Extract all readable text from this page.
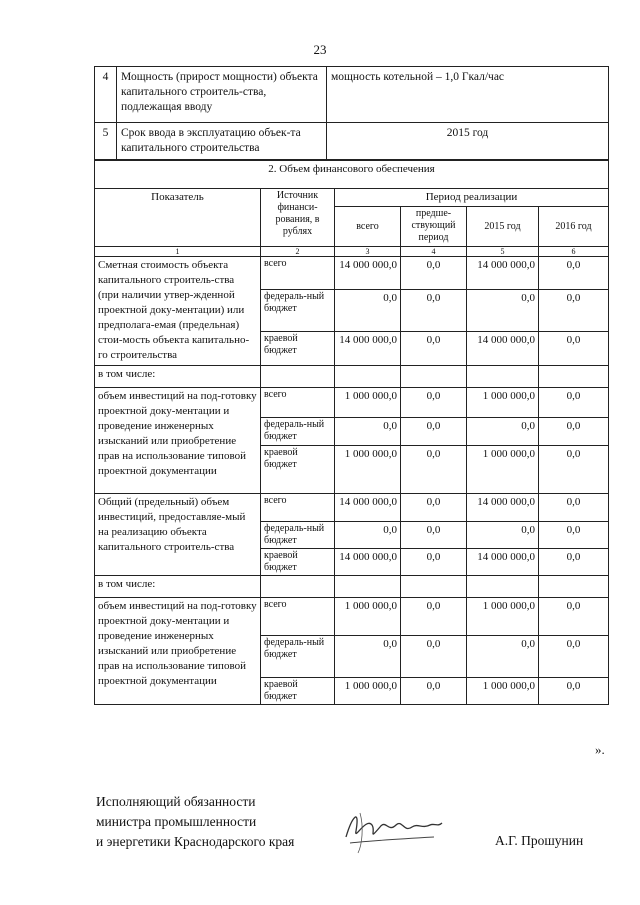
23
4	Мощность (прирост мощности) объекта капитального строитель-ства, подлежащая вводу	мощность котельной – 1,0 Гкал/час
5	Срок ввода в эксплуатацию объек-та капитального строительства	2015 год
2. Объем финансового обеспечения					
Показатель	Источник финанси-рования, в рублях	Период реализации			
		всего	предше-ствующий период	2015 год	2016 год
1	2	3	4	5	6
Сметная стоимость объекта капитального строитель-ства (при наличии утвер-жденной проектной доку-ментации) или предполага-емая (предельная) стои-мость объекта капитально-го строительства	всего	14 000 000,0	0,0	14 000 000,0	0,0
	федераль-ный бюджет	0,0	0,0	0,0	0,0
	краевой бюджет	14 000 000,0	0,0	14 000 000,0	0,0
в том числе:					
объем инвестиций на под-готовку проектной доку-ментации и проведение инженерных изысканий или приобретение прав на использование типовой проектной документации	всего	1 000 000,0	0,0	1 000 000,0	0,0
	федераль-ный бюджет	0,0	0,0	0,0	0,0
	краевой бюджет	1 000 000,0	0,0	1 000 000,0	0,0
Общий (предельный) объем инвестиций, предоставляе-мый на реализацию объекта капитального строитель-ства	всего	14 000 000,0	0,0	14 000 000,0	0,0
	федераль-ный бюджет	0,0	0,0	0,0	0,0
	краевой бюджет	14 000 000,0	0,0	14 000 000,0	0,0
в том числе:					
объем инвестиций на под-готовку проектной доку-ментации и проведение инженерных изысканий или приобретение прав на использование типовой проектной документации	всего	1 000 000,0	0,0	1 000 000,0	0,0
	федераль-ный бюджет	0,0	0,0	0,0	0,0
	краевой бюджет	1 000 000,0	0,0	1 000 000,0	0,0
».
Исполняющий обязанности
министра промышленности
и энергетики Краснодарского края	А.Г. Прошунин
